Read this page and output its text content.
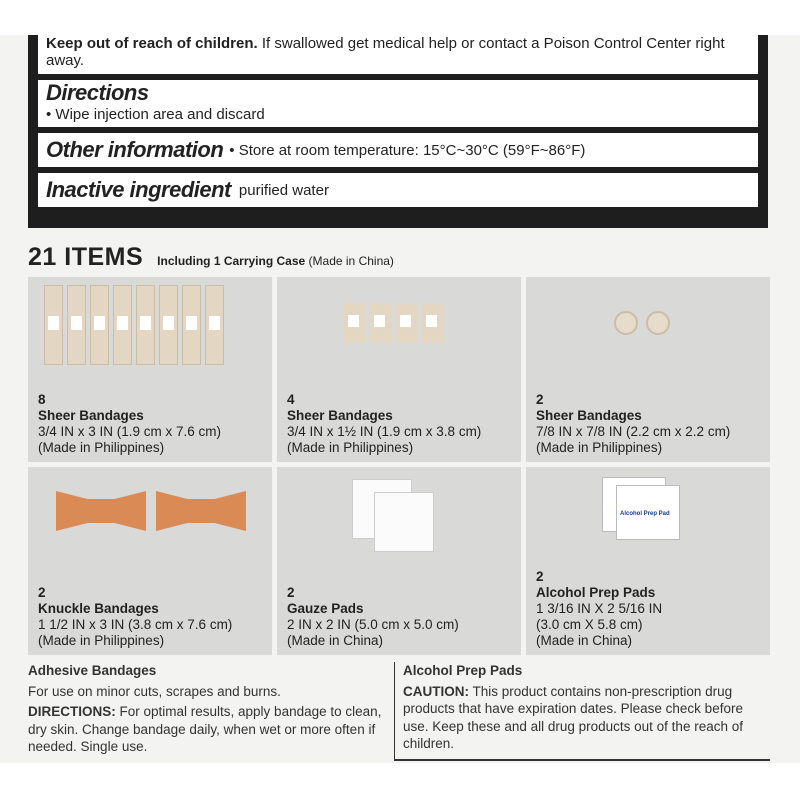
Keep out of reach of children. If swallowed get medical help or contact a Poison Control Center right away.
Directions
• Wipe injection area and discard
Other information • Store at room temperature: 15°C~30°C (59°F~86°F)
Inactive ingredient purified water
21 ITEMS Including 1 Carrying Case (Made in China)
8
Sheer Bandages
3/4 IN x 3 IN (1.9 cm x 7.6 cm)
(Made in Philippines)
4
Sheer Bandages
3/4 IN x 1½ IN (1.9 cm x 3.8 cm)
(Made in Philippines)
2
Sheer Bandages
7/8 IN x 7/8 IN (2.2 cm x 2.2 cm)
(Made in Philippines)
2
Knuckle Bandages
1 1/2 IN x 3 IN (3.8 cm x 7.6 cm)
(Made in Philippines)
2
Gauze Pads
2 IN x 2 IN (5.0 cm x 5.0 cm)
(Made in China)
Alcohol Prep Pad
2
Alcohol Prep Pads
1 3/16 IN X 2 5/16 IN
(3.0 cm X 5.8 cm)
(Made in China)
Adhesive Bandages
For use on minor cuts, scrapes and burns.
DIRECTIONS: For optimal results, apply bandage to clean, dry skin. Change bandage daily, when wet or more often if needed. Single use.
Alcohol Prep Pads
CAUTION: This product contains non-prescription drug products that have expiration dates. Please check before use. Keep these and all drug products out of the reach of children.
